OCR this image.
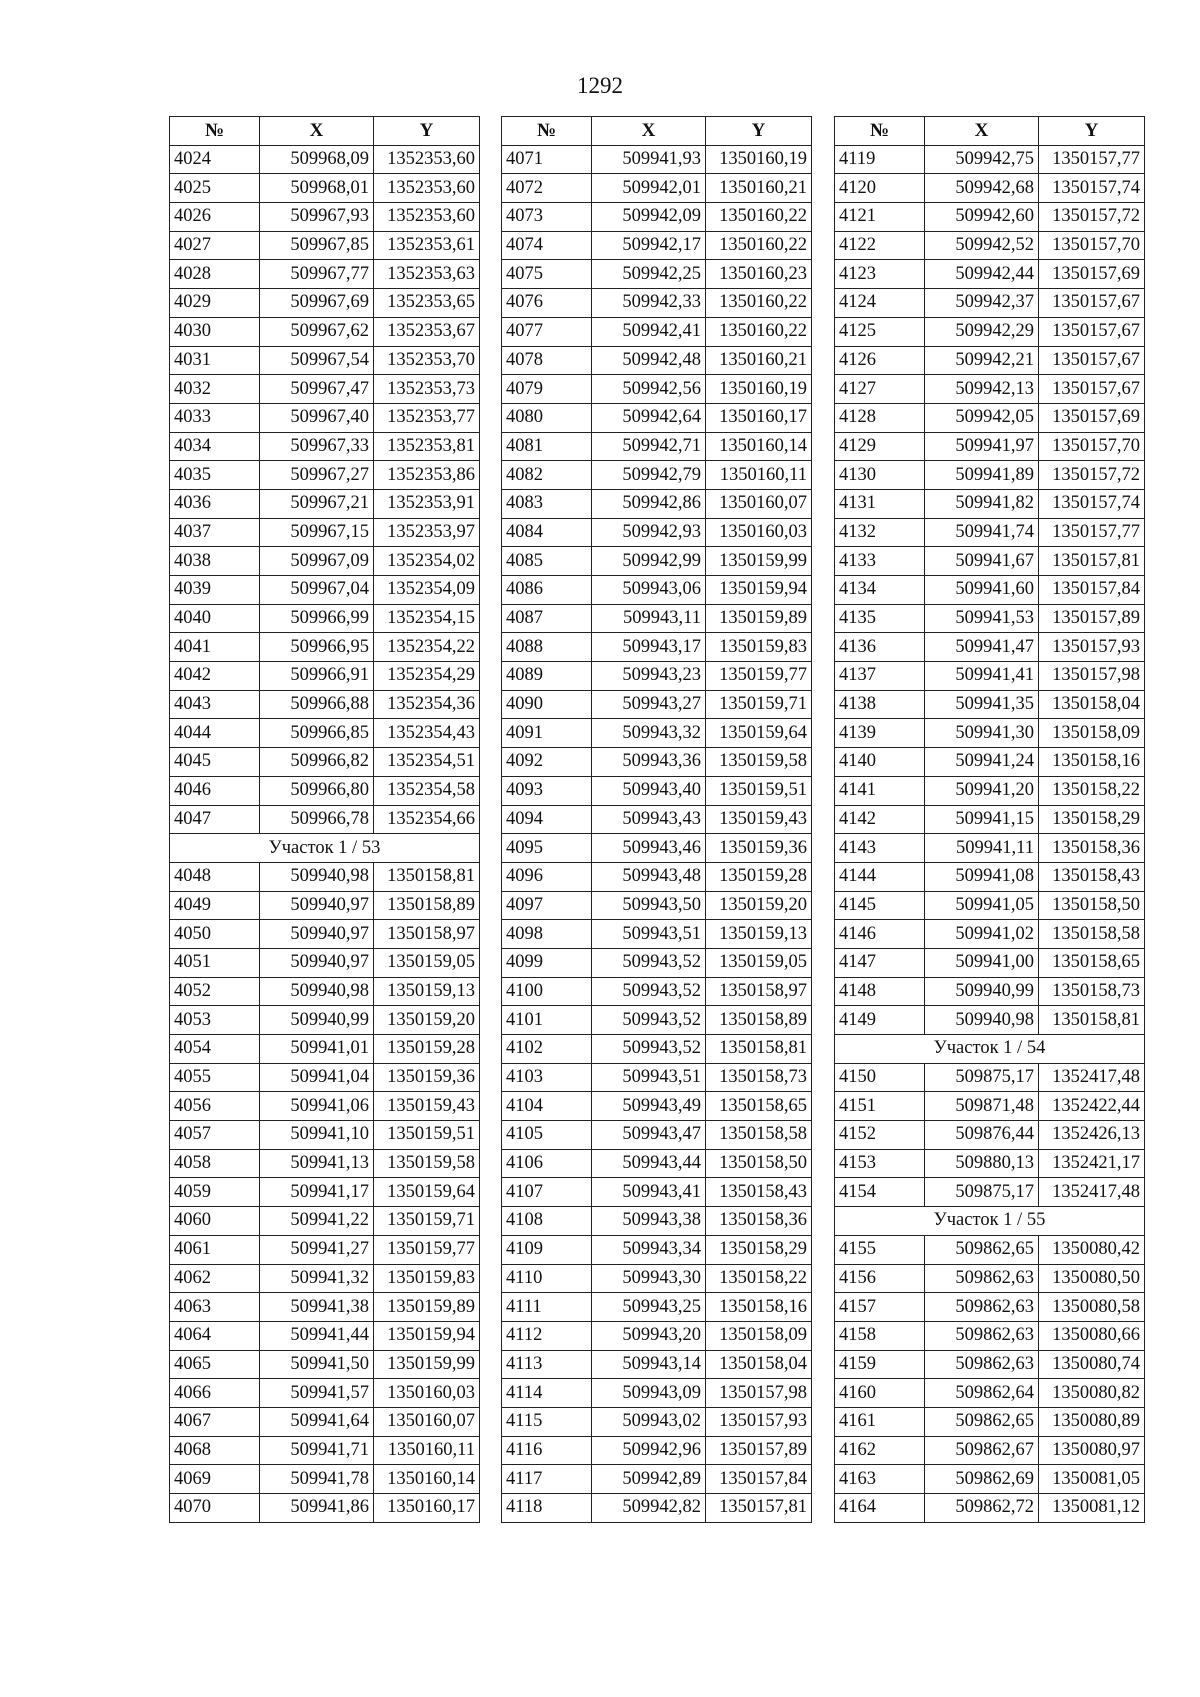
1292
№	X	Y
4024	509968,09	1352353,60
4025	509968,01	1352353,60
4026	509967,93	1352353,60
4027	509967,85	1352353,61
4028	509967,77	1352353,63
4029	509967,69	1352353,65
4030	509967,62	1352353,67
4031	509967,54	1352353,70
4032	509967,47	1352353,73
4033	509967,40	1352353,77
4034	509967,33	1352353,81
4035	509967,27	1352353,86
4036	509967,21	1352353,91
4037	509967,15	1352353,97
4038	509967,09	1352354,02
4039	509967,04	1352354,09
4040	509966,99	1352354,15
4041	509966,95	1352354,22
4042	509966,91	1352354,29
4043	509966,88	1352354,36
4044	509966,85	1352354,43
4045	509966,82	1352354,51
4046	509966,80	1352354,58
4047	509966,78	1352354,66
Участок 1 / 53		
4048	509940,98	1350158,81
4049	509940,97	1350158,89
4050	509940,97	1350158,97
4051	509940,97	1350159,05
4052	509940,98	1350159,13
4053	509940,99	1350159,20
4054	509941,01	1350159,28
4055	509941,04	1350159,36
4056	509941,06	1350159,43
4057	509941,10	1350159,51
4058	509941,13	1350159,58
4059	509941,17	1350159,64
4060	509941,22	1350159,71
4061	509941,27	1350159,77
4062	509941,32	1350159,83
4063	509941,38	1350159,89
4064	509941,44	1350159,94
4065	509941,50	1350159,99
4066	509941,57	1350160,03
4067	509941,64	1350160,07
4068	509941,71	1350160,11
4069	509941,78	1350160,14
4070	509941,86	1350160,17
№	X	Y
4071	509941,93	1350160,19
4072	509942,01	1350160,21
4073	509942,09	1350160,22
4074	509942,17	1350160,22
4075	509942,25	1350160,23
4076	509942,33	1350160,22
4077	509942,41	1350160,22
4078	509942,48	1350160,21
4079	509942,56	1350160,19
4080	509942,64	1350160,17
4081	509942,71	1350160,14
4082	509942,79	1350160,11
4083	509942,86	1350160,07
4084	509942,93	1350160,03
4085	509942,99	1350159,99
4086	509943,06	1350159,94
4087	509943,11	1350159,89
4088	509943,17	1350159,83
4089	509943,23	1350159,77
4090	509943,27	1350159,71
4091	509943,32	1350159,64
4092	509943,36	1350159,58
4093	509943,40	1350159,51
4094	509943,43	1350159,43
4095	509943,46	1350159,36
4096	509943,48	1350159,28
4097	509943,50	1350159,20
4098	509943,51	1350159,13
4099	509943,52	1350159,05
4100	509943,52	1350158,97
4101	509943,52	1350158,89
4102	509943,52	1350158,81
4103	509943,51	1350158,73
4104	509943,49	1350158,65
4105	509943,47	1350158,58
4106	509943,44	1350158,50
4107	509943,41	1350158,43
4108	509943,38	1350158,36
4109	509943,34	1350158,29
4110	509943,30	1350158,22
4111	509943,25	1350158,16
4112	509943,20	1350158,09
4113	509943,14	1350158,04
4114	509943,09	1350157,98
4115	509943,02	1350157,93
4116	509942,96	1350157,89
4117	509942,89	1350157,84
4118	509942,82	1350157,81
№	X	Y
4119	509942,75	1350157,77
4120	509942,68	1350157,74
4121	509942,60	1350157,72
4122	509942,52	1350157,70
4123	509942,44	1350157,69
4124	509942,37	1350157,67
4125	509942,29	1350157,67
4126	509942,21	1350157,67
4127	509942,13	1350157,67
4128	509942,05	1350157,69
4129	509941,97	1350157,70
4130	509941,89	1350157,72
4131	509941,82	1350157,74
4132	509941,74	1350157,77
4133	509941,67	1350157,81
4134	509941,60	1350157,84
4135	509941,53	1350157,89
4136	509941,47	1350157,93
4137	509941,41	1350157,98
4138	509941,35	1350158,04
4139	509941,30	1350158,09
4140	509941,24	1350158,16
4141	509941,20	1350158,22
4142	509941,15	1350158,29
4143	509941,11	1350158,36
4144	509941,08	1350158,43
4145	509941,05	1350158,50
4146	509941,02	1350158,58
4147	509941,00	1350158,65
4148	509940,99	1350158,73
4149	509940,98	1350158,81
Участок 1 / 54		
4150	509875,17	1352417,48
4151	509871,48	1352422,44
4152	509876,44	1352426,13
4153	509880,13	1352421,17
4154	509875,17	1352417,48
Участок 1 / 55		
4155	509862,65	1350080,42
4156	509862,63	1350080,50
4157	509862,63	1350080,58
4158	509862,63	1350080,66
4159	509862,63	1350080,74
4160	509862,64	1350080,82
4161	509862,65	1350080,89
4162	509862,67	1350080,97
4163	509862,69	1350081,05
4164	509862,72	1350081,12
